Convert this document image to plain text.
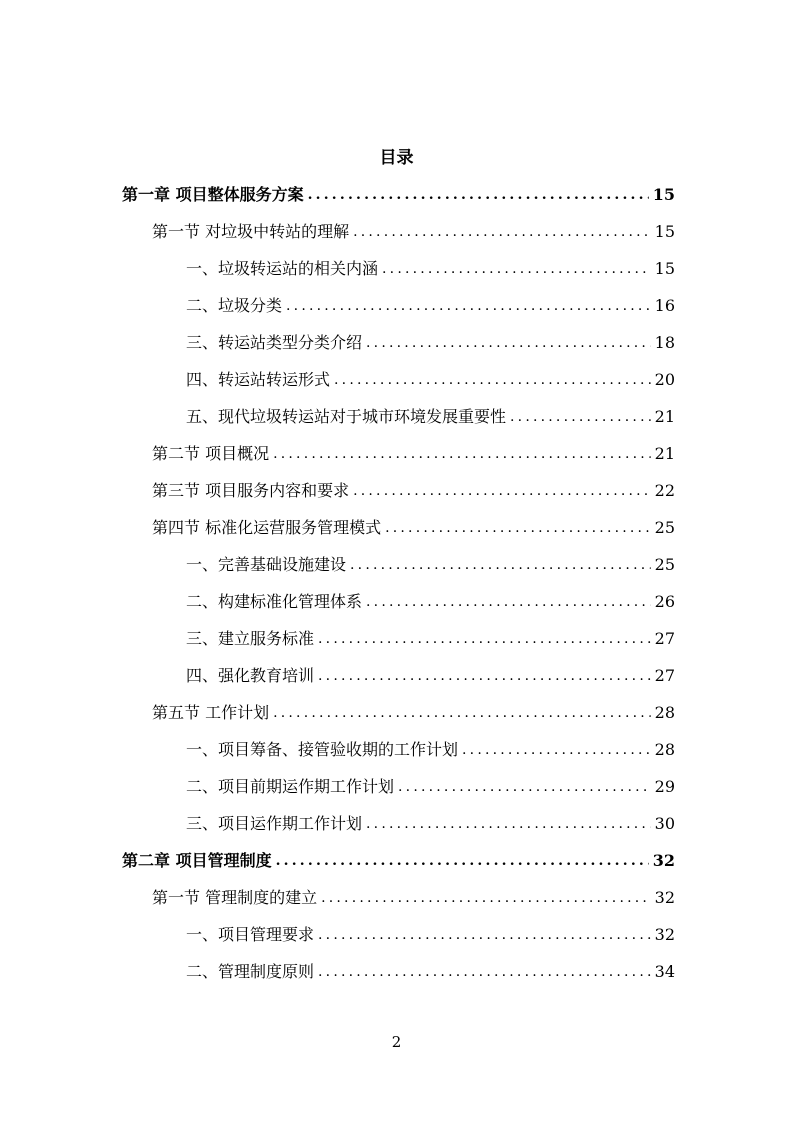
目录
第一章 项目整体服务方案 .....	15
第一节 对垃圾中转站的理解 .....	15
一、垃圾转运站的相关内涵 .....	15
二、垃圾分类 .....	16
三、转运站类型分类介绍 .....	18
四、转运站转运形式 .....	20
五、现代垃圾转运站对于城市环境发展重要性 .....	21
第二节 项目概况 .....	21
第三节 项目服务内容和要求 .....	22
第四节 标准化运营服务管理模式 .....	25
一、完善基础设施建设 .....	25
二、构建标准化管理体系 .....	26
三、建立服务标准 .....	27
四、强化教育培训 .....	27
第五节 工作计划 .....	28
一、项目筹备、接管验收期的工作计划 .....	28
二、项目前期运作期工作计划 .....	29
三、项目运作期工作计划 .....	30
第二章 项目管理制度 .....	32
第一节 管理制度的建立 .....	32
一、项目管理要求 .....	32
二、管理制度原则 .....	34
2
